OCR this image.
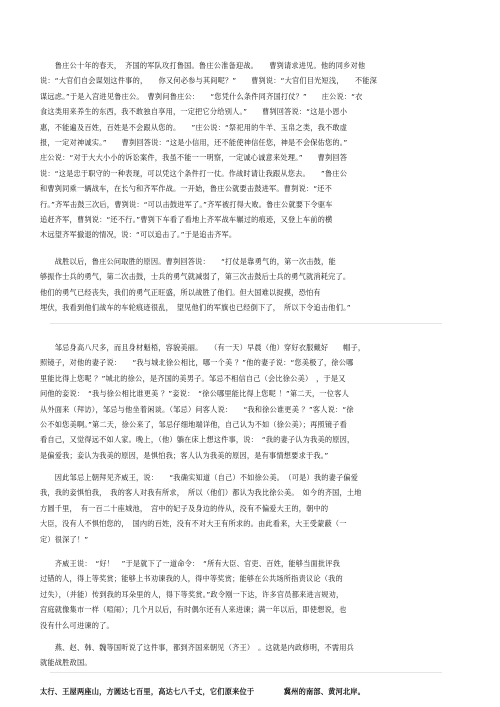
　　鲁庄公十年的春天，　齐国的军队攻打鲁国。鲁庄公准备迎战。　　曹刿请求进见。他的同乡对他
说：“大官们自会谋划这件事的，　　你又何必参与其间呢？”　　曹刿说：“大官们目光短浅，　　不能深
谋远虑。”于是入宫进见鲁庄公。　曹刿问鲁庄公：　　“您凭什么条件同齐国打仗？”　　庄公说：“衣
食这类用来养生的东西，我不敢独自享用，一定把它分给别人。”　　曹刿回答说：“这是小恩小
惠，不能遍及百姓，百姓是不会跟从您的。　　”庄公说：“祭祀用的牛羊、玉帛之类，我不敢虚
报，一定对神诚实。”　　曹刿回答说：“这是小信用，还不能使神信任您，神是不会保佑您的。”
庄公说：“对于大大小小的诉讼案件，我虽不能一一明察，一定诚心诚意来处理。”　　曹刿回答
说：“这是忠于职守的一种表现，可以凭这个条件打一仗。作战时请让我跟从您去。　　”鲁庄公
和曹刿同乘一辆战车，在长勺和齐军作战。一开始，鲁庄公就要击鼓进军。曹刿说：“还不
行。”齐军击鼓三次后，曹刿说：“可以击鼓进军了。”齐军被打得大败。鲁庄公就要下令驱车
追赶齐军，曹刿说：“还不行。”曹刿下车看了看地上齐军战车辗过的痕迹，又登上车前的横
木远望齐军撤退的情况，说：“可以追击了。”于是追击齐军。
　　战胜以后，鲁庄公问取胜的原因。曹刿回答说：　　“打仗是靠勇气的，第一次击鼓，能
够振作士兵的勇气，第二次击鼓，士兵的勇气就减弱了，第三次击鼓后士兵的勇气就消耗完了。
他们的勇气已经丧失，我们的勇气正旺盛，所以战胜了他们。但大国难以捉摸，恐怕有
埋伏，我看到他们战车的车轮痕迹很乱，　望见他们的军旗也已经倒下了，　所以下令追击他们。”
　　邹忌身高八尺多，而且身材魁梧，容貌美丽。　　（有一天）早晨（他）穿好衣服戴好　　帽子，
照镜子，对他的妻子说：　　“我与城北徐公相比，哪一个美 ？”他的妻子说：“您美极了，徐公哪
里能比得上您呢 ？”城北的徐公，是齐国的美男子。邹忌不相信自己（会比徐公美）　，于是又
问他的妾说：　“我与徐公相比谁更美 ？”妾说：　“徐公哪里能比得上您呢 ！”第二天，一位客人
从外面来（拜访），邹忌与他坐着闲谈。（邹忌）问客人说：　　“我和徐公谁更美 ？”客人说：“徐
公不如您美啊。”第二天，徐公来了，邹忌仔细地端详他，自己认为不如（徐公美）；再照镜子看
看自己，又觉得远不如人家。晚上，（他）躺在床上想这件事，说：　“我的妻子认为我美的原因，
是偏爱我；妾认为我美的原因，是惧怕我；客人认为我美的原因，是有事情想要求于我。”
　　因此邹忌上朝拜见齐威王，说：　　“我确实知道（自己）不如徐公美。　（可是）我的妻子偏爱
我，我的妾惧怕我，　我的客人对我有所求，　所以（他们）都认为我比徐公美。　如今的齐国，土地
方圆千里，　有一百二十座城池，　宫中的妃子及身边的侍从，没有不偏爱大王的，朝中的
大臣，没有人不惧怕您的，　国内的百姓，没有不对大王有所求的。由此看来，大王受蒙蔽（一
定）很深了！”
　　齐威王说：　“好！　”于是就下了一道命令：　“所有大臣、官吏、百姓，能够当面批评我
过错的人，得上等奖赏；能够上书劝谏我的人，得中等奖赏；能够在公共场所指责议论（我的
过失），（并能）传到我的耳朵里的人，得下等奖赏。”政令刚一下达，许多官员都来进言规劝，
宫庭就像集市一样（喧闹）；几个月以后，有时偶尔还有人来进谏；满一年以后，即使想说，也
没有什么可进谏的了。
　　燕、赵、韩、魏等国听说了这件事，都到齐国来朝见（齐王）　。这就是内政修明，不需用兵
就能战胜敌国。
太行、王屋两座山，方圆达七百里，高达七八千丈，它们原来位于　　　　冀州的南部、黄河北岸。
